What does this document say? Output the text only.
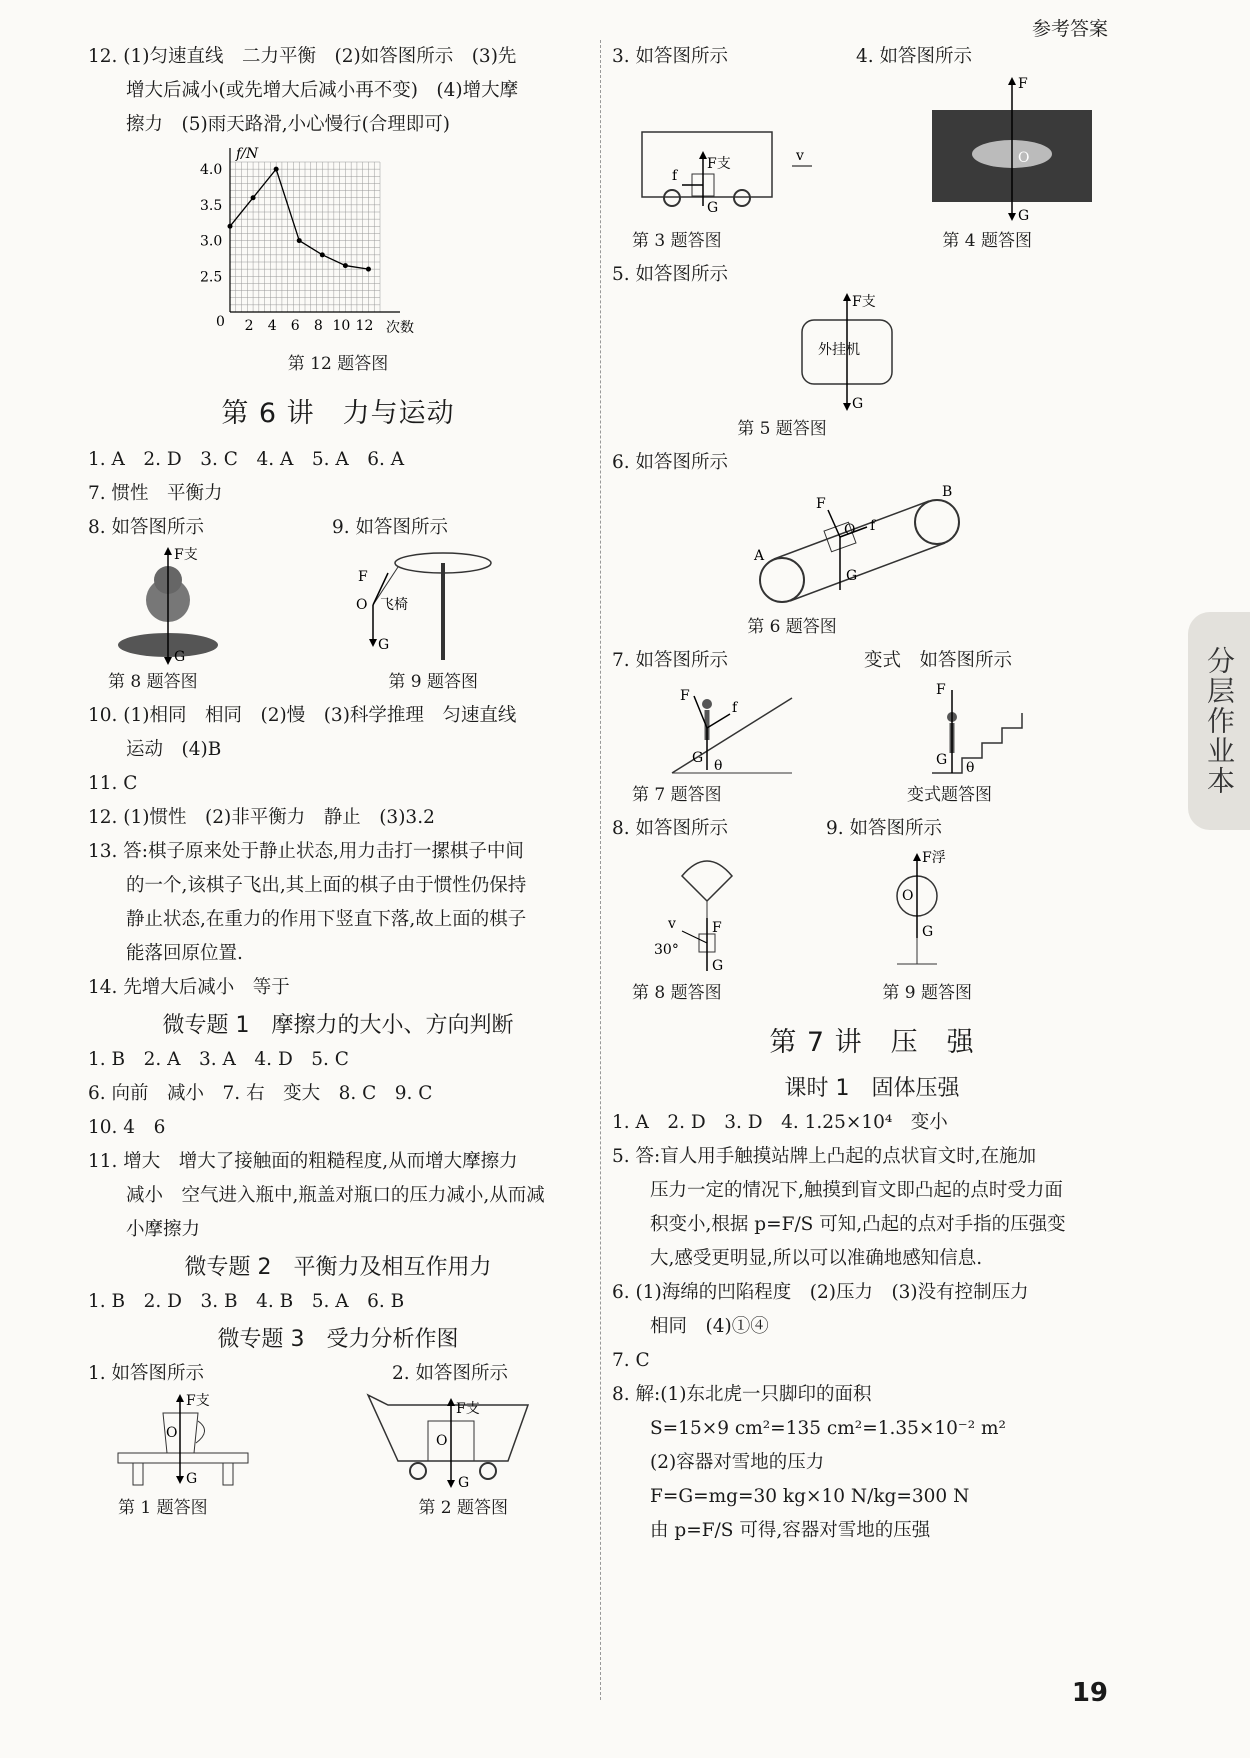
参考答案
分层作业本
19
12. (1)匀速直线　二力平衡　(2)如答图所示　(3)先
增大后减小(或先增大后减小再不变)　(4)增大摩
擦力　(5)雨天路滑,小心慢行(合理即可)
f/N
次数
0
4.0
3.5
3.0
2.5
2 4 6 8 10 12
第 12 题答图
第 6 讲　力与运动
1. A　2. D　3. C　4. A　5. A　6. A
7. 惯性　平衡力
8. 如答图所示	9. 如答图所示
F支
G
F
O 飞椅
G
第 8 题答图	第 9 题答图
10. (1)相同　相同　(2)慢　(3)科学推理　匀速直线
运动　(4)B
11. C
12. (1)惯性　(2)非平衡力　静止　(3)3.2
13. 答:棋子原来处于静止状态,用力击打一摞棋子中间
的一个,该棋子飞出,其上面的棋子由于惯性仍保持
静止状态,在重力的作用下竖直下落,故上面的棋子
能落回原位置.
14. 先增大后减小　等于
微专题 1　摩擦力的大小、方向判断
1. B　2. A　3. A　4. D　5. C
6. 向前　减小　7. 右　变大　8. C　9. C
10. 4　6
11. 增大　增大了接触面的粗糙程度,从而增大摩擦力
减小　空气进入瓶中,瓶盖对瓶口的压力减小,从而减
小摩擦力
微专题 2　平衡力及相互作用力
1. B　2. D　3. B　4. B　5. A　6. B
微专题 3　受力分析作图
1. 如答图所示	2. 如答图所示
F支
O
G
F支
O
G
第 1 题答图	第 2 题答图
3. 如答图所示	4. 如答图所示
F支
f
G
v
F
O
G
第 3 题答图	第 4 题答图
5. 如答图所示
外挂机
F支
G
第 5 题答图
6. 如答图所示
F
O f
G
A
B
第 6 题答图
7. 如答图所示	变式　如答图所示
F
f
G θ
F
G θ
第 7 题答图	变式题答图
8. 如答图所示	9. 如答图所示
F
v
30°
G
F浮
O
G
第 8 题答图	第 9 题答图
第 7 讲　压　强
课时 1　固体压强
1. A　2. D　3. D　4. 1.25×10⁴　变小
5. 答:盲人用手触摸站牌上凸起的点状盲文时,在施加
压力一定的情况下,触摸到盲文即凸起的点时受力面
积变小,根据 p=F/S 可知,凸起的点对手指的压强变
大,感受更明显,所以可以准确地感知信息.
6. (1)海绵的凹陷程度　(2)压力　(3)没有控制压力
相同　(4)①④
7. C
8. 解:(1)东北虎一只脚印的面积
S=15×9 cm²=135 cm²=1.35×10⁻² m²
(2)容器对雪地的压力
F=G=mg=30 kg×10 N/kg=300 N
由 p=F/S 可得,容器对雪地的压强
